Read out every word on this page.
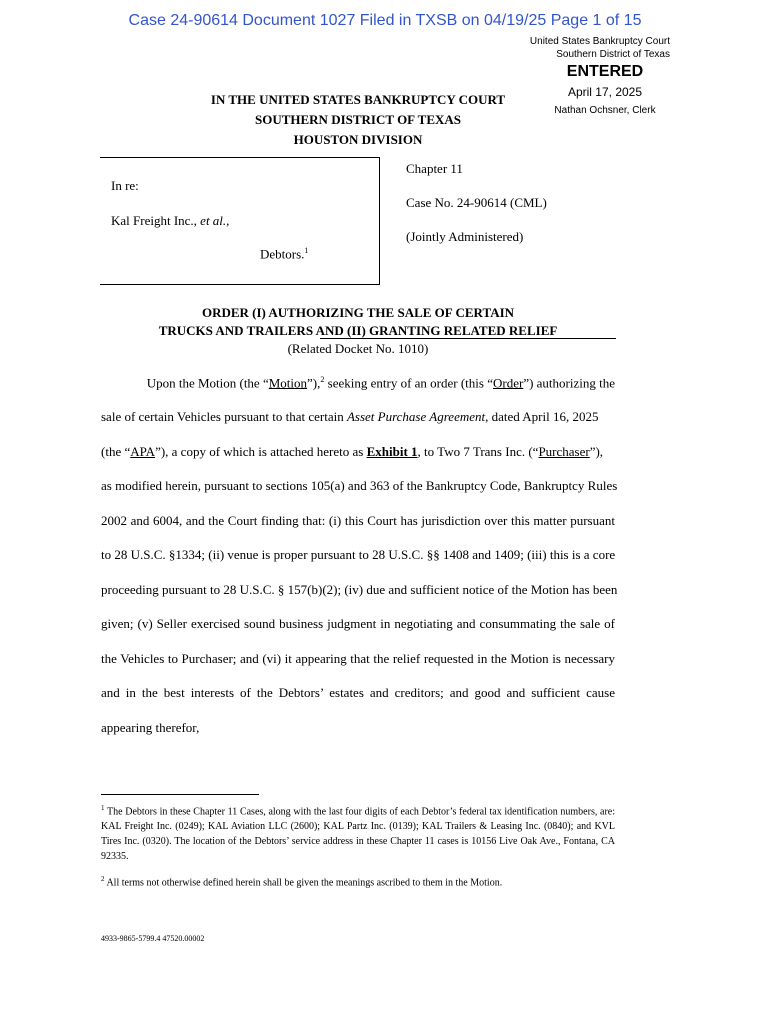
Case 24-90614 Document 1027 Filed in TXSB on 04/19/25 Page 1 of 15
United States Bankruptcy Court
Southern District of Texas
ENTERED
April 17, 2025
Nathan Ochsner, Clerk
IN THE UNITED STATES BANKRUPTCY COURT
SOUTHERN DISTRICT OF TEXAS
HOUSTON DIVISION
In re:
Kal Freight Inc., et al.,
Debtors.$^1$
Chapter 11
Case No. 24-90614 (CML)
(Jointly Administered)
ORDER (I) AUTHORIZING THE SALE OF CERTAIN
TRUCKS AND TRAILERS AND (II) GRANTING RELATED RELIEF
(Related Docket No. 1010)
Upon the Motion (the “Motion”),$^2$ seeking entry of an order (this “Order”) authorizing the
sale of certain Vehicles pursuant to that certain Asset Purchase Agreement, dated April 16, 2025
(the “APA”), a copy of which is attached hereto as Exhibit 1, to Two 7 Trans Inc. (“Purchaser”),
as modified herein, pursuant to sections 105(a) and 363 of the Bankruptcy Code, Bankruptcy Rules
2002 and 6004, and the Court finding that: (i) this Court has jurisdiction over this matter pursuant
to 28 U.S.C. §1334; (ii) venue is proper pursuant to 28 U.S.C. §§ 1408 and 1409; (iii) this is a core
proceeding pursuant to 28 U.S.C. § 157(b)(2); (iv) due and sufficient notice of the Motion has been
given; (v) Seller exercised sound business judgment in negotiating and consummating the sale of
the Vehicles to Purchaser; and (vi) it appearing that the relief requested in the Motion is necessary
and in the best interests of the Debtors’ estates and creditors; and good and sufficient cause
appearing therefor,
$^1$ The Debtors in these Chapter 11 Cases, along with the last four digits of each Debtor’s federal tax identification numbers, are: KAL Freight Inc. (0249); KAL Aviation LLC (2600); KAL Partz Inc. (0139); KAL Trailers & Leasing Inc. (0840); and KVL Tires Inc. (0320). The location of the Debtors’ service address in these Chapter 11 cases is 10156 Live Oak Ave., Fontana, CA 92335.
$^2$ All terms not otherwise defined herein shall be given the meanings ascribed to them in the Motion.
4933-9865-5799.4 47520.00002
